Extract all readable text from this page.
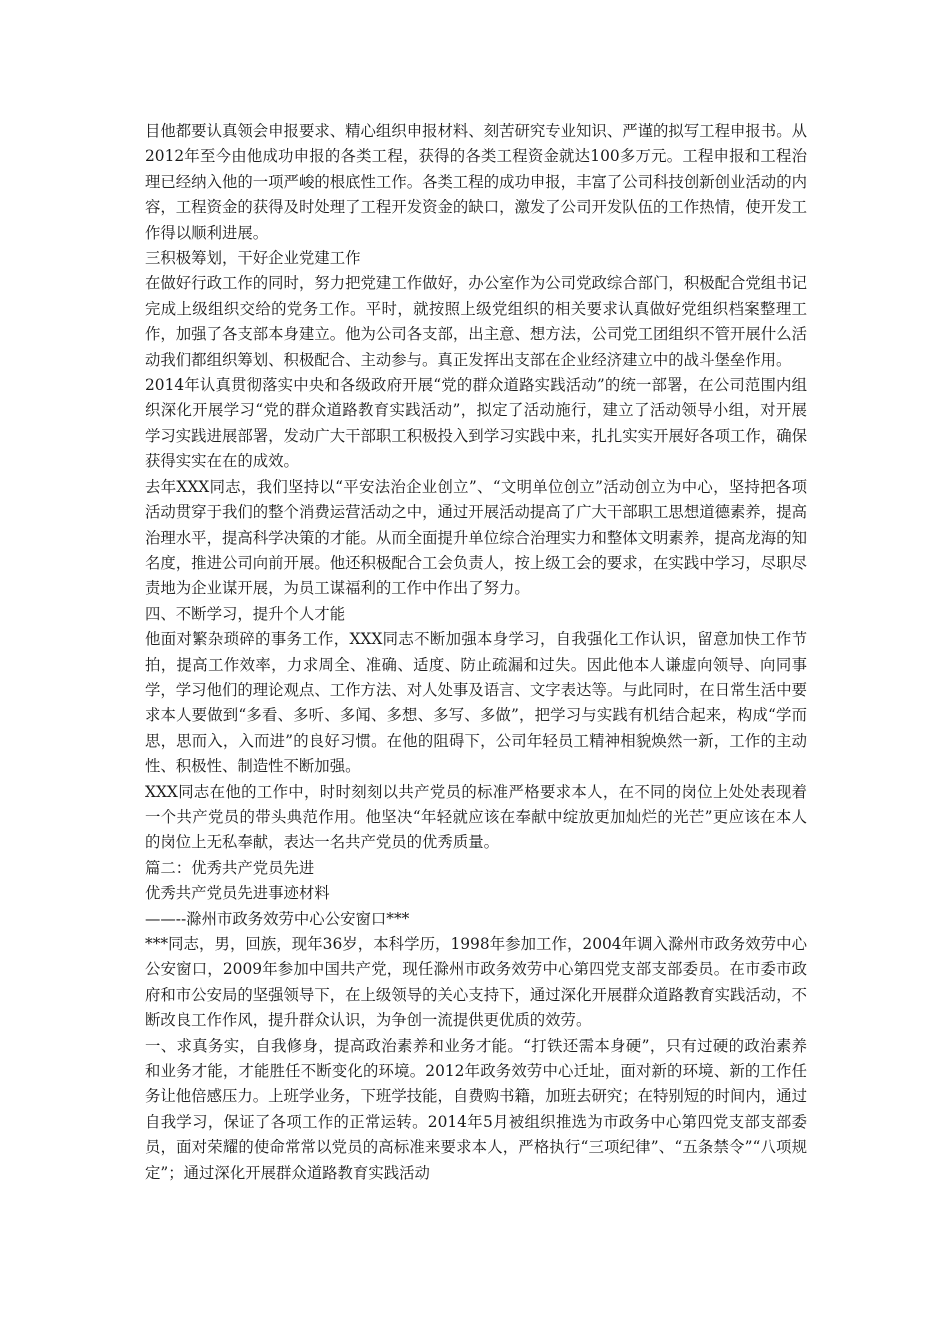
目他都要认真领会申报要求、精心组织申报材料、刻苦研究专业知识、严谨的拟写工程申报书。从2012年至今由他成功申报的各类工程，获得的各类工程资金就达100多万元。工程申报和工程治理已经纳入他的一项严峻的根底性工作。各类工程的成功申报，丰富了公司科技创新创业活动的内容，工程资金的获得及时处理了工程开发资金的缺口，激发了公司开发队伍的工作热情，使开发工作得以顺利进展。

三积极筹划，干好企业党建工作

在做好行政工作的同时，努力把党建工作做好，办公室作为公司党政综合部门，积极配合党组书记完成上级组织交给的党务工作。平时，就按照上级党组织的相关要求认真做好党组织档案整理工作，加强了各支部本身建立。他为公司各支部，出主意、想方法，公司党工团组织不管开展什么活动我们都组织筹划、积极配合、主动参与。真正发挥出支部在企业经济建立中的战斗堡垒作用。

2014年认真贯彻落实中央和各级政府开展“党的群众道路实践活动”的统一部署，在公司范围内组织深化开展学习“党的群众道路教育实践活动”，拟定了活动施行，建立了活动领导小组，对开展学习实践进展部署，发动广大干部职工积极投入到学习实践中来，扎扎实实开展好各项工作，确保获得实实在在的成效。

去年XXX同志，我们坚持以“平安法治企业创立”、“文明单位创立”活动创立为中心，坚持把各项活动贯穿于我们的整个消费运营活动之中，通过开展活动提高了广大干部职工思想道德素养，提高治理水平，提高科学决策的才能。从而全面提升单位综合治理实力和整体文明素养，提高龙海的知名度，推进公司向前开展。他还积极配合工会负责人，按上级工会的要求，在实践中学习，尽职尽责地为企业谋开展，为员工谋福利的工作中作出了努力。

四、不断学习，提升个人才能

他面对繁杂琐碎的事务工作，XXX同志不断加强本身学习，自我强化工作认识，留意加快工作节拍，提高工作效率，力求周全、准确、适度、防止疏漏和过失。因此他本人谦虚向领导、向同事学，学习他们的理论观点、工作方法、对人处事及语言、文字表达等。与此同时，在日常生活中要求本人要做到“多看、多听、多闻、多想、多写、多做”，把学习与实践有机结合起来，构成“学而思，思而入，入而进”的良好习惯。在他的阻碍下，公司年轻员工精神相貌焕然一新，工作的主动性、积极性、制造性不断加强。

XXX同志在他的工作中，时时刻刻以共产党员的标准严格要求本人，在不同的岗位上处处表现着一个共产党员的带头典范作用。他坚决“年轻就应该在奉献中绽放更加灿烂的光芒”更应该在本人的岗位上无私奉献，表达一名共产党员的优秀质量。

篇二：优秀共产党员先进

优秀共产党员先进事迹材料

——--滁州市政务效劳中心公安窗口***

***同志，男，回族，现年36岁，本科学历，1998年参加工作，2004年调入滁州市政务效劳中心公安窗口，2009年参加中国共产党，现任滁州市政务效劳中心第四党支部支部委员。在市委市政府和市公安局的坚强领导下，在上级领导的关心支持下，通过深化开展群众道路教育实践活动，不断改良工作作风，提升群众认识，为争创一流提供更优质的效劳。

一、求真务实，自我修身，提高政治素养和业务才能。“打铁还需本身硬”，只有过硬的政治素养和业务才能，才能胜任不断变化的环境。2012年政务效劳中心迁址，面对新的环境、新的工作任务让他倍感压力。上班学业务，下班学技能，自费购书籍，加班去研究；在特别短的时间内，通过自我学习，保证了各项工作的正常运转。2014年5月被组织推选为市政务中心第四党支部支部委员，面对荣耀的使命常常以党员的高标准来要求本人，严格执行“三项纪律”、“五条禁令”“八项规定”；通过深化开展群众道路教育实践活动
